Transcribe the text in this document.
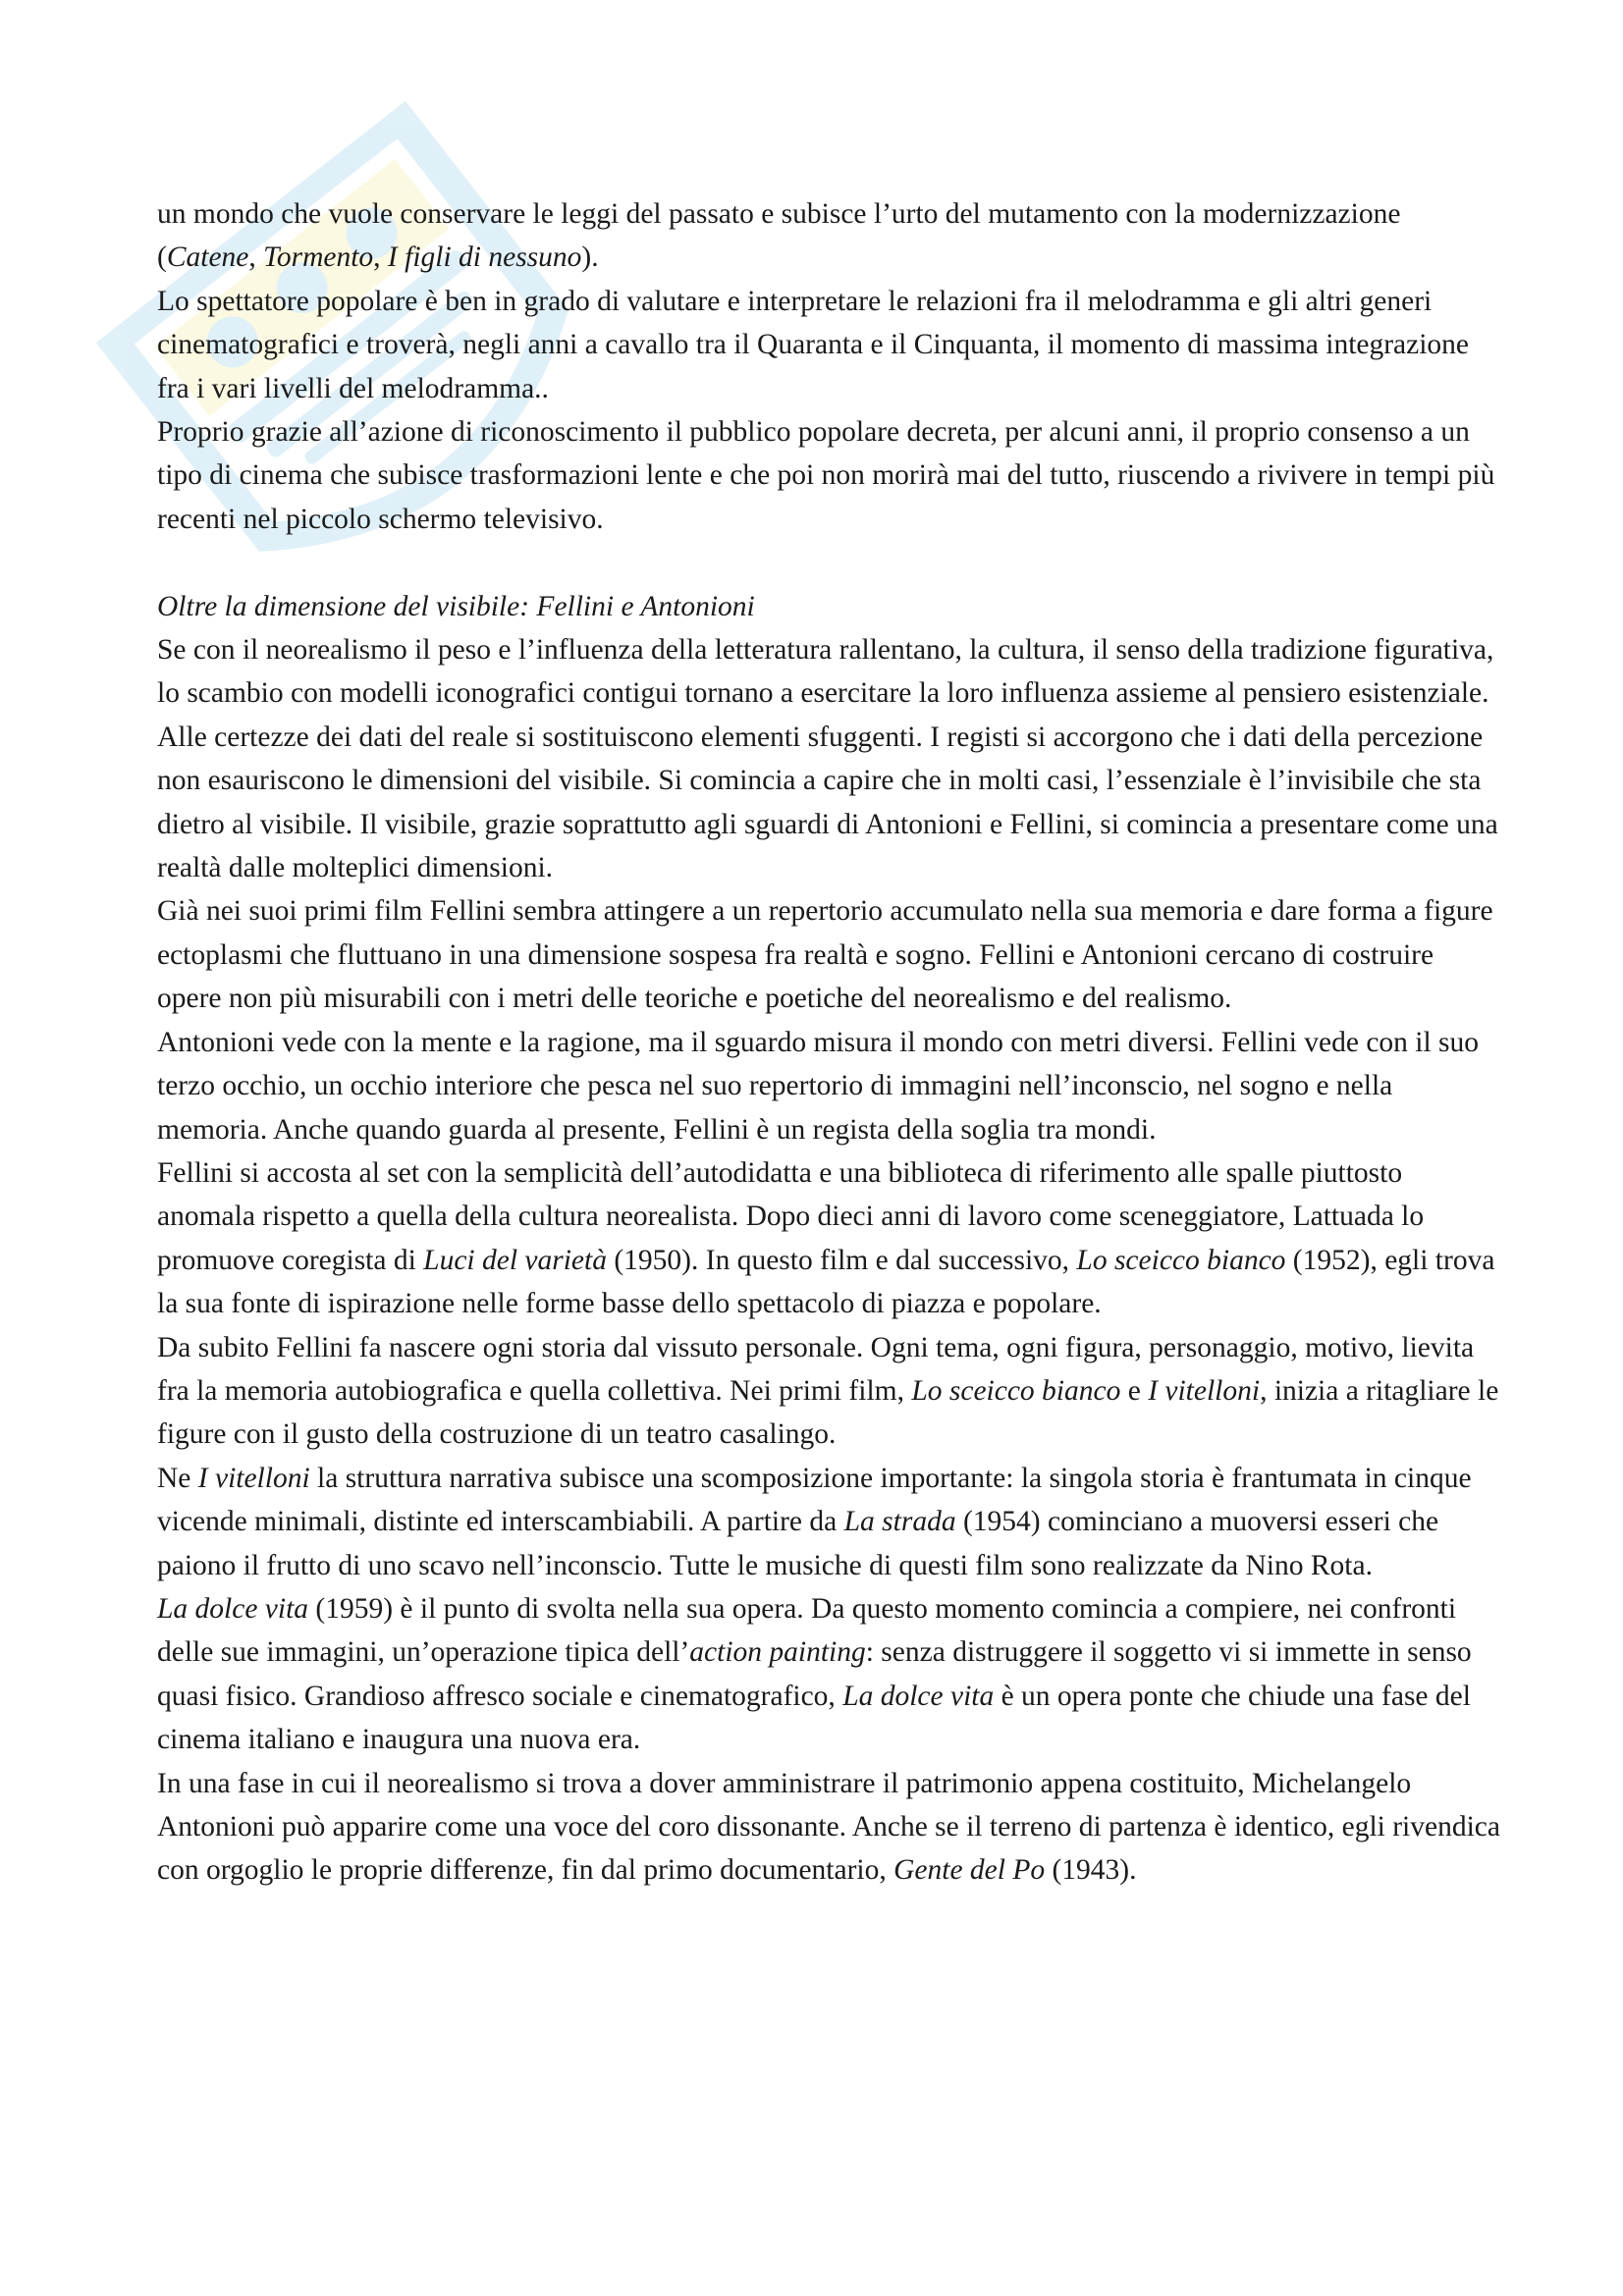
un mondo che vuole conservare le leggi del passato e subisce l’urto del mutamento con la modernizzazione (Catene, Tormento, I figli di nessuno).

Lo spettatore popolare è ben in grado di valutare e interpretare le relazioni fra il melodramma e gli altri generi cinematografici e troverà, negli anni a cavallo tra il Quaranta e il Cinquanta, il momento di massima integrazione fra i vari livelli del melodramma..

Proprio grazie all’azione di riconoscimento il pubblico popolare decreta, per alcuni anni, il proprio consenso a un tipo di cinema che subisce trasformazioni lente e che poi non morirà mai del tutto, riuscendo a rivivere in tempi più recenti nel piccolo schermo televisivo.

Oltre la dimensione del visibile: Fellini e Antonioni

Se con il neorealismo il peso e l’influenza della letteratura rallentano, la cultura, il senso della tradizione figurativa, lo scambio con modelli iconografici contigui tornano a esercitare la loro influenza assieme al pensiero esistenziale. Alle certezze dei dati del reale si sostituiscono elementi sfuggenti. I registi si accorgono che i dati della percezione non esauriscono le dimensioni del visibile. Si comincia a capire che in molti casi, l’essenziale è l’invisibile che sta dietro al visibile. Il visibile, grazie soprattutto agli sguardi di Antonioni e Fellini, si comincia a presentare come una realtà dalle molteplici dimensioni.

Già nei suoi primi film Fellini sembra attingere a un repertorio accumulato nella sua memoria e dare forma a figure ectoplasmi che fluttuano in una dimensione sospesa fra realtà e sogno. Fellini e Antonioni cercano di costruire opere non più misurabili con i metri delle teoriche e poetiche del neorealismo e del realismo.

Antonioni vede con la mente e la ragione, ma il sguardo misura il mondo con metri diversi. Fellini vede con il suo terzo occhio, un occhio interiore che pesca nel suo repertorio di immagini nell’inconscio, nel sogno e nella memoria. Anche quando guarda al presente, Fellini è un regista della soglia tra mondi.

Fellini si accosta al set con la semplicità dell’autodidatta e una biblioteca di riferimento alle spalle piuttosto anomala rispetto a quella della cultura neorealista. Dopo dieci anni di lavoro come sceneggiatore, Lattuada lo promuove coregista di Luci del varietà (1950). In questo film e dal successivo, Lo sceicco bianco (1952), egli trova la sua fonte di ispirazione nelle forme basse dello spettacolo di piazza e popolare.

Da subito Fellini fa nascere ogni storia dal vissuto personale. Ogni tema, ogni figura, personaggio, motivo, lievita fra la memoria autobiografica e quella collettiva. Nei primi film, Lo sceicco bianco e I vitelloni, inizia a ritagliare le figure con il gusto della costruzione di un teatro casalingo.

Ne I vitelloni la struttura narrativa subisce una scomposizione importante: la singola storia è frantumata in cinque vicende minimali, distinte ed interscambiabili. A partire da La strada (1954) cominciano a muoversi esseri che paiono il frutto di uno scavo nell’inconscio. Tutte le musiche di questi film sono realizzate da Nino Rota.

La dolce vita (1959) è il punto di svolta nella sua opera. Da questo momento comincia a compiere, nei confronti delle sue immagini, un’operazione tipica dell’action painting: senza distruggere il soggetto vi si immette in senso quasi fisico. Grandioso affresco sociale e cinematografico, La dolce vita è un opera ponte che chiude una fase del cinema italiano e inaugura una nuova era.

In una fase in cui il neorealismo si trova a dover amministrare il patrimonio appena costituito, Michelangelo Antonioni può apparire come una voce del coro dissonante. Anche se il terreno di partenza è identico, egli rivendica con orgoglio le proprie differenze, fin dal primo documentario, Gente del Po (1943).
